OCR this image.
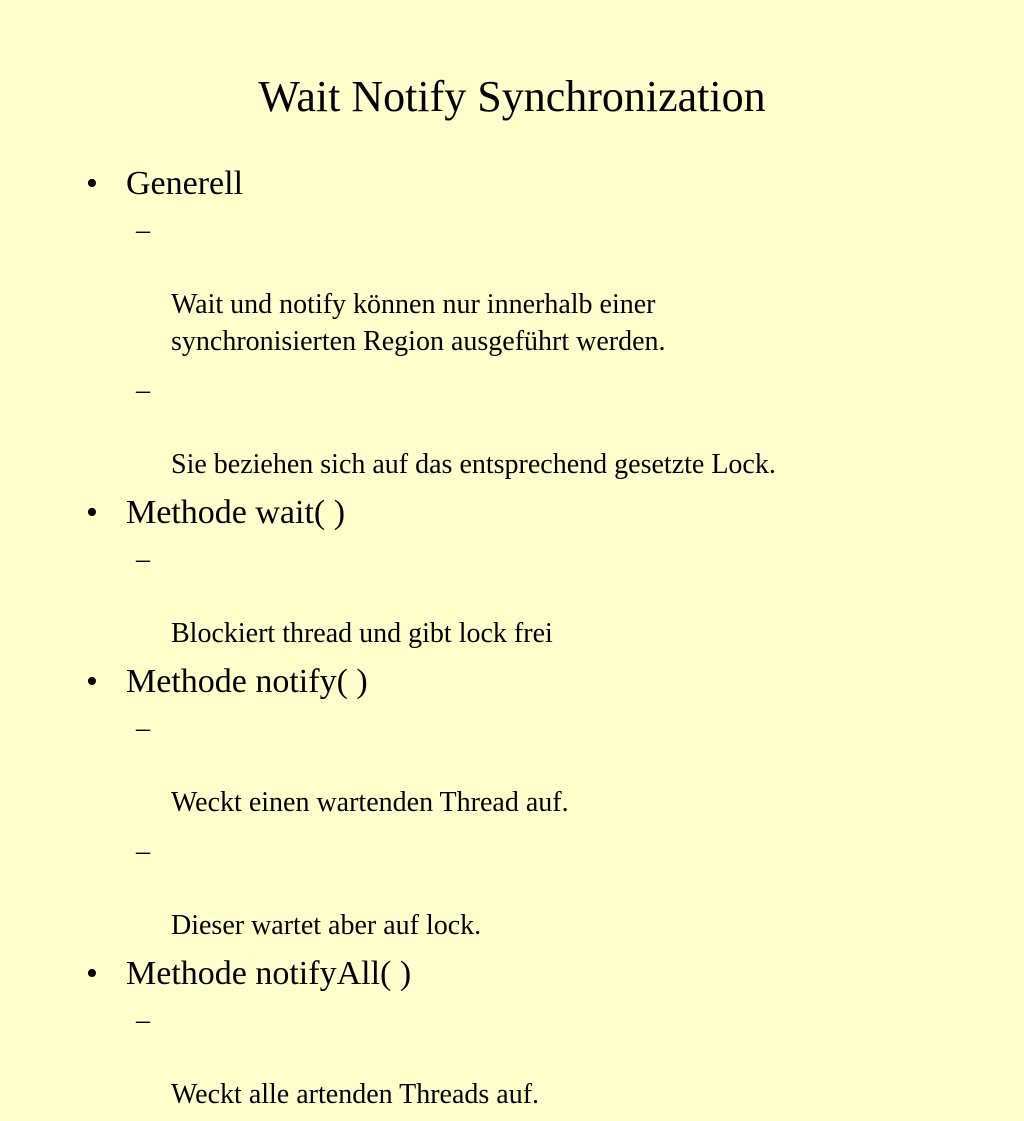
Wait Notify Synchronization
• Generell

–

Wait und notify können nur innerhalb einer
synchronisierten Region ausgeführt werden.

–

Sie beziehen sich auf das entsprechend gesetzte Lock.

• Methode wait( )

–

Blockiert thread und gibt lock frei

• Methode notify( )

–

Weckt einen wartenden Thread auf.

–

Dieser wartet aber auf lock.

• Methode notifyAll( )

–

Weckt alle artenden Threads auf.
